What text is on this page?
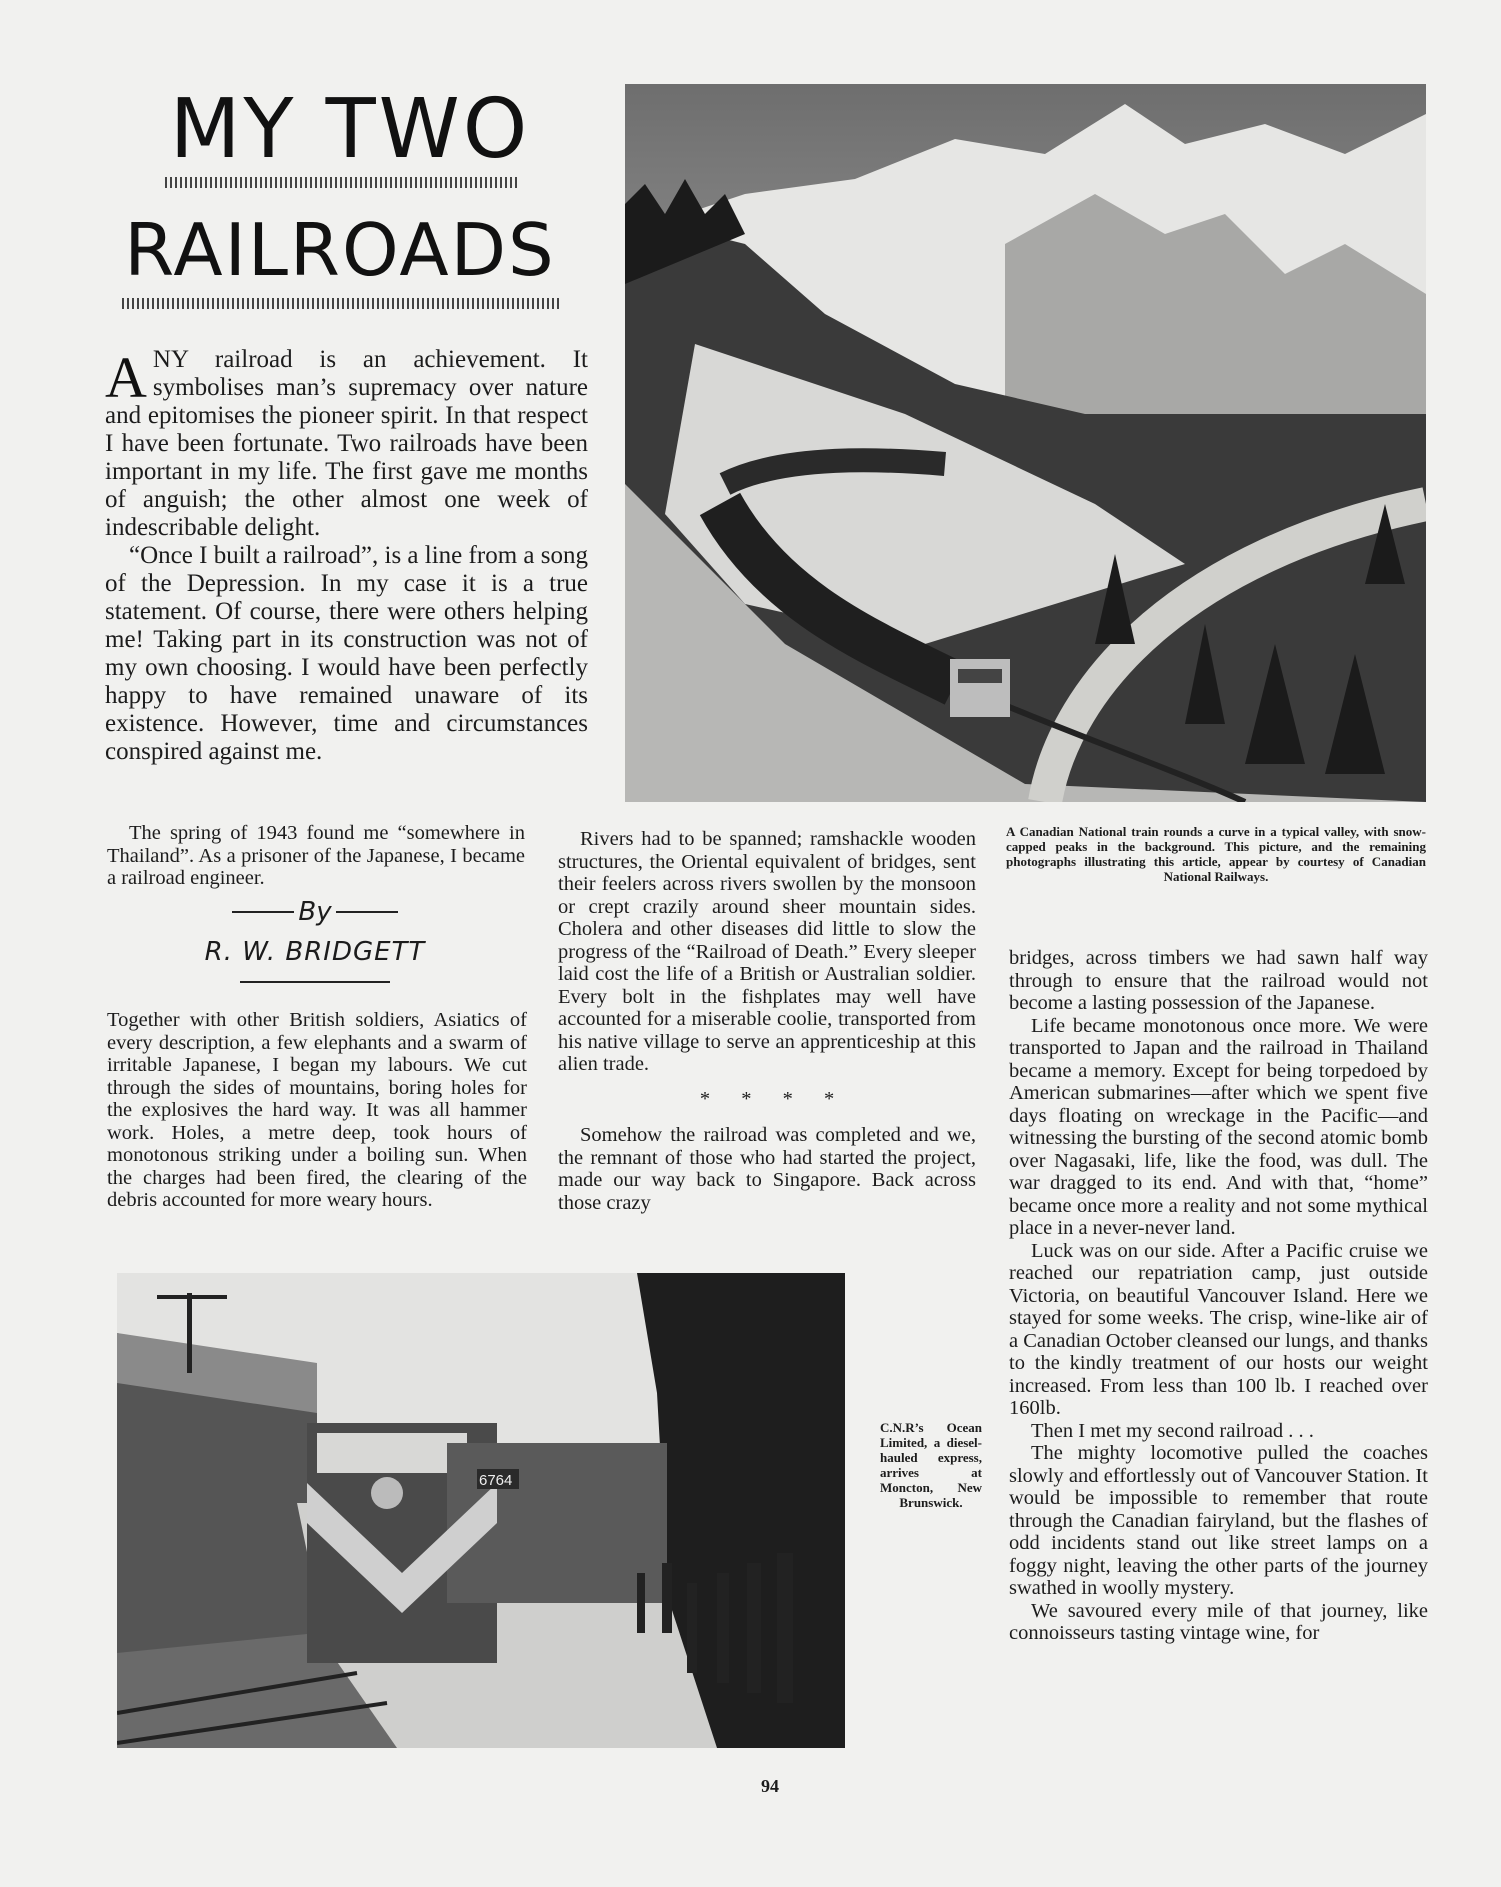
MY TWO
RAILROADS

ANY railroad is an achievement. It symbolises man’s supremacy over nature and epitomises the pioneer spirit. In that respect I have been fortunate. Two railroads have been important in my life. The first gave me months of anguish; the other almost one week of indescribable delight.

“Once I built a railroad”, is a line from a song of the Depression. In my case it is a true statement. Of course, there were others helping me! Taking part in its construction was not of my own choosing. I would have been perfectly happy to have remained unaware of its existence. However, time and circumstances conspired against me.

The spring of 1943 found me “somewhere in Thailand”. As a prisoner of the Japanese, I became a railroad engineer.

By
R. W. BRIDGETT

Together with other British soldiers, Asiatics of every description, a few elephants and a swarm of irritable Japanese, I began my labours. We cut through the sides of mountains, boring holes for the explosives the hard way. It was all hammer work. Holes, a metre deep, took hours of monotonous striking under a boiling sun. When the charges had been fired, the clearing of the debris accounted for more weary hours.

Rivers had to be spanned; ramshackle wooden structures, the Oriental equivalent of bridges, sent their feelers across rivers swollen by the monsoon or crept crazily around sheer mountain sides. Cholera and other diseases did little to slow the progress of the “Railroad of Death.” Every sleeper laid cost the life of a British or Australian soldier. Every bolt in the fishplates may well have accounted for a miserable coolie, transported from his native village to serve an apprenticeship at this alien trade.

* * * *

Somehow the railroad was completed and we, the remnant of those who had started the project, made our way back to Singapore. Back across those crazy

A Canadian National train rounds a curve in a typical valley, with snow-capped peaks in the background. This picture, and the remaining photographs illustrating this article, appear by courtesy of Canadian National Railways.

bridges, across timbers we had sawn half way through to ensure that the railroad would not become a lasting possession of the Japanese.

Life became monotonous once more. We were transported to Japan and the railroad in Thailand became a memory. Except for being torpedoed by American submarines—after which we spent five days floating on wreckage in the Pacific—and witnessing the bursting of the second atomic bomb over Nagasaki, life, like the food, was dull. The war dragged to its end. And with that, “home” became once more a reality and not some mythical place in a never-never land.

Luck was on our side. After a Pacific cruise we reached our repatriation camp, just outside Victoria, on beautiful Vancouver Island. Here we stayed for some weeks. The crisp, wine-like air of a Canadian October cleansed our lungs, and thanks to the kindly treatment of our hosts our weight increased. From less than 100 lb. I reached over 160lb.

Then I met my second railroad . . .

The mighty locomotive pulled the coaches slowly and effortlessly out of Vancouver Station. It would be impossible to remember that route through the Canadian fairyland, but the flashes of odd incidents stand out like street lamps on a foggy night, leaving the other parts of the journey swathed in woolly mystery.

We savoured every mile of that journey, like connoisseurs tasting vintage wine, for

6764
C.N.R’s Ocean Limited, a diesel-hauled express, arrives at Moncton, New Brunswick.
94
